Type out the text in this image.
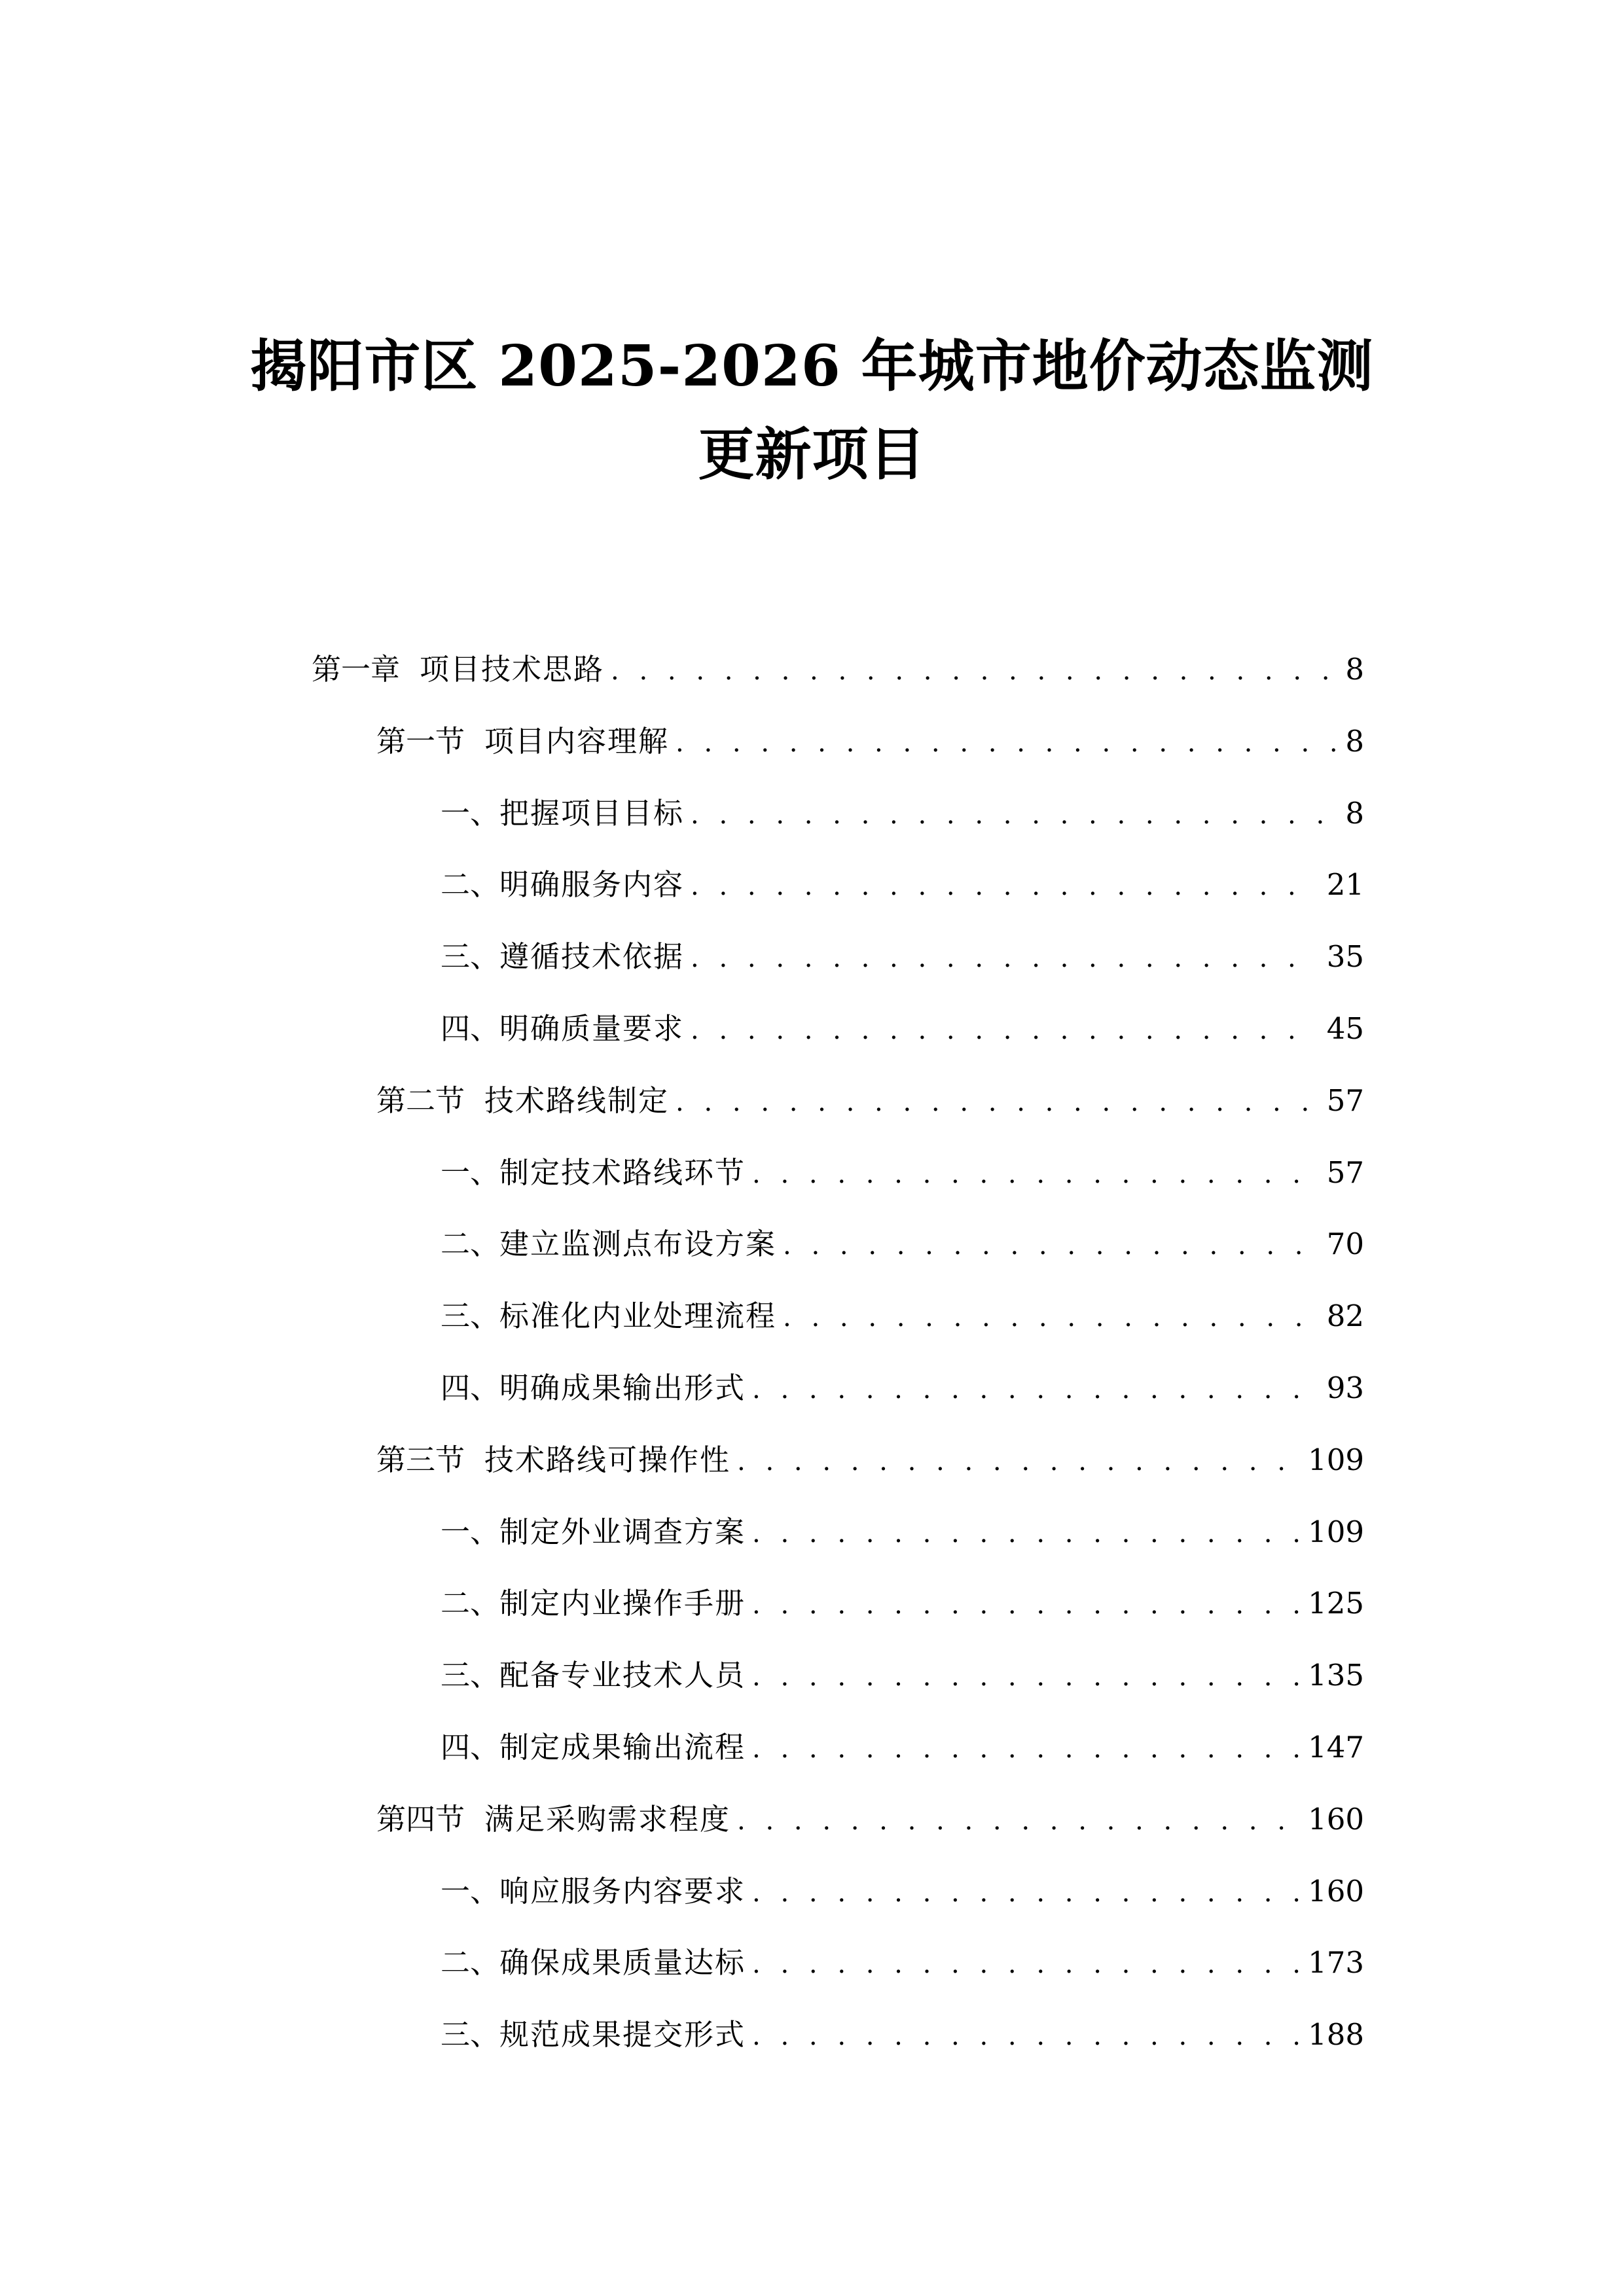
揭阳市区 2025-2026 年城市地价动态监测
更新项目
第一章 项目技术思路 . . .	8
第一节 项目内容理解 . . .	8
一、 把握项目目标 . . .	8
二、 明确服务内容 . . .	21
三、 遵循技术依据 . . .	35
四、 明确质量要求 . . .	45
第二节 技术路线制定 . . .	57
一、 制定技术路线环节 . . .	57
二、 建立监测点布设方案 . . .	70
三、 标准化内业处理流程 . . .	82
四、 明确成果输出形式 . . .	93
第三节 技术路线可操作性 . . .	109
一、 制定外业调查方案 . . .	109
二、 制定内业操作手册 . . .	125
三、 配备专业技术人员 . . .	135
四、 制定成果输出流程 . . .	147
第四节 满足采购需求程度 . . .	160
一、 响应服务内容要求 . . .	160
二、 确保成果质量达标 . . .	173
三、 规范成果提交形式 . . .	188
